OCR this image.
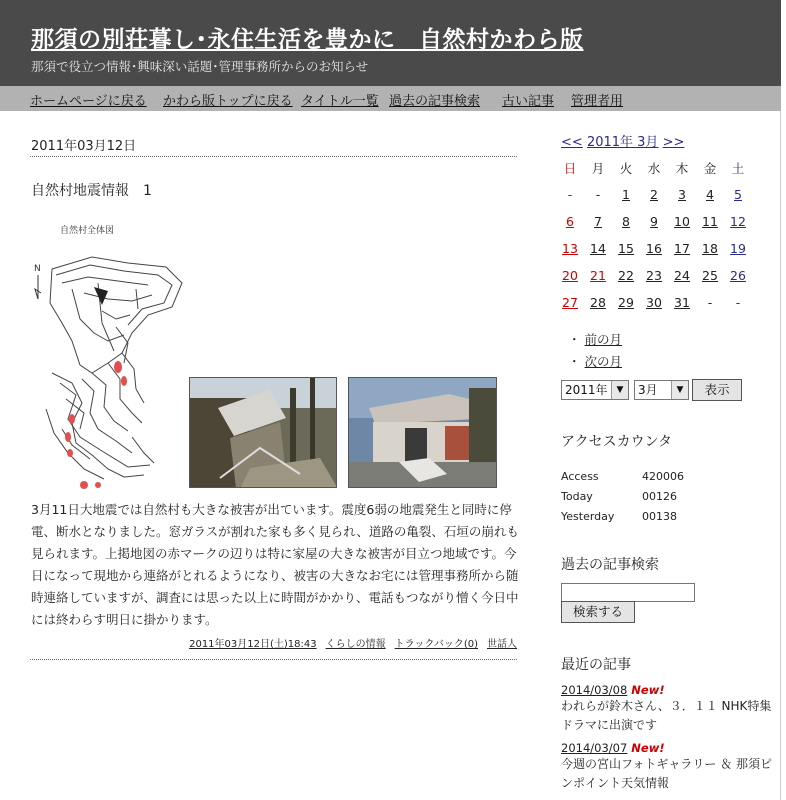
那須の別荘暮し･永住生活を豊かに　自然村かわら版
那須で役立つ情報･興味深い話題･管理事務所からのお知らせ
ホームページに戻る かわら版トップに戻る タイトル一覧 過去の記事検索 古い記事 管理者用
2011年03月12日
自然村地震情報　1
自然村全体図
N
3月11日大地震では自然村も大きな被害が出ています。震度6弱の地震発生と同時に停電、断水となりました。窓ガラスが割れた家も多く見られ、道路の亀裂、石垣の崩れも見られます。上掲地図の赤マークの辺りは特に家屋の大きな被害が目立つ地域です。今日になって現地から連絡がとれるようになり、被害の大きなお宅には管理事務所から随時連絡していますが、調査には思った以上に時間がかかり、電話もつながり憎く今日中には終わらす明日に掛かります。
2011年03月12日(土)18:43 くらしの情報 トラックバック(0) 世話人
<< 2011年 3月 >>
日	月	火	水	木	金	土
-	-	1	2	3	4	5
6	7	8	9	10	11	12
13	14	15	16	17	18	19
20	21	22	23	24	25	26
27	28	29	30	31	-	-
・ 前の月
・ 次の月
2011年 ▼	3月	▼	表示
アクセスカウンタ
Access	420006
Today	00126
Yesterday	00138
過去の記事検索
検索する
最近の記事
2014/03/08 New!
われらが鈴木さん、３．１１ NHK特集ドラマに出演です
2014/03/07 New!
今週の宮山フォトギャラリー ＆ 那須ピンポイント天気情報
